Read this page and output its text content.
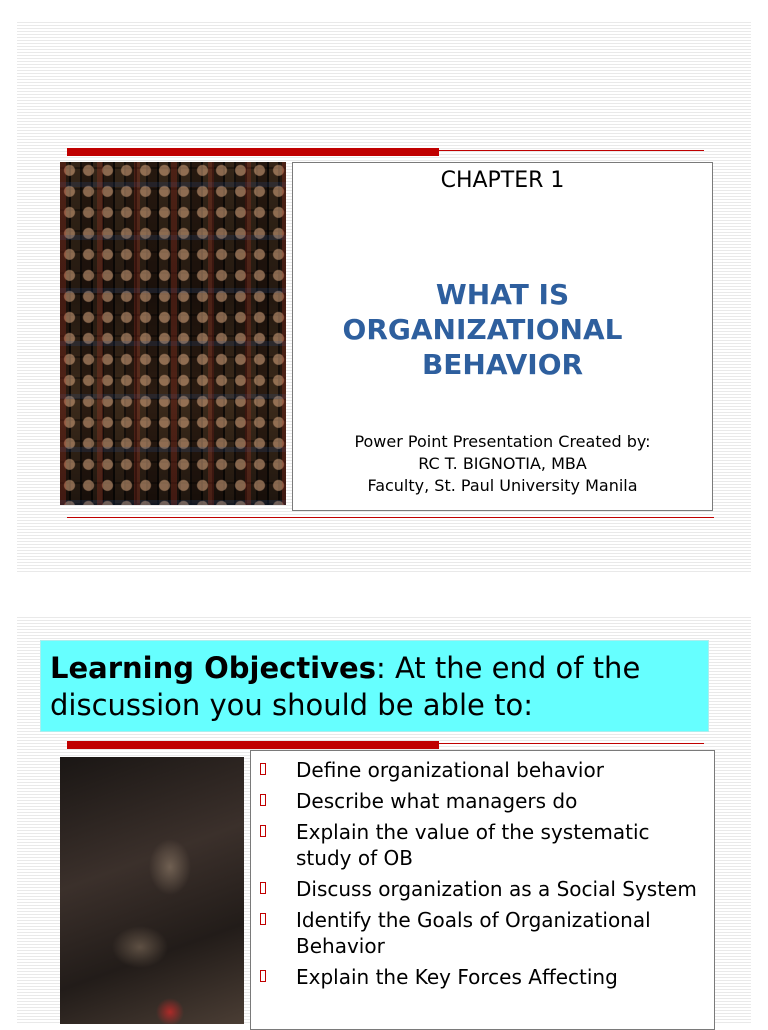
CHAPTER 1
WHAT IS
ORGANIZATIONAL
BEHAVIOR
Power Point Presentation Created by:
RC T. BIGNOTIA, MBA
Faculty, St. Paul University Manila
Learning Objectives: At the end of the discussion you should be able to:
Define organizational behavior
Describe what managers do
Explain the value of the systematic study of OB
Discuss organization as a Social System
Identify the Goals of Organizational Behavior
Explain the Key Forces Affecting
